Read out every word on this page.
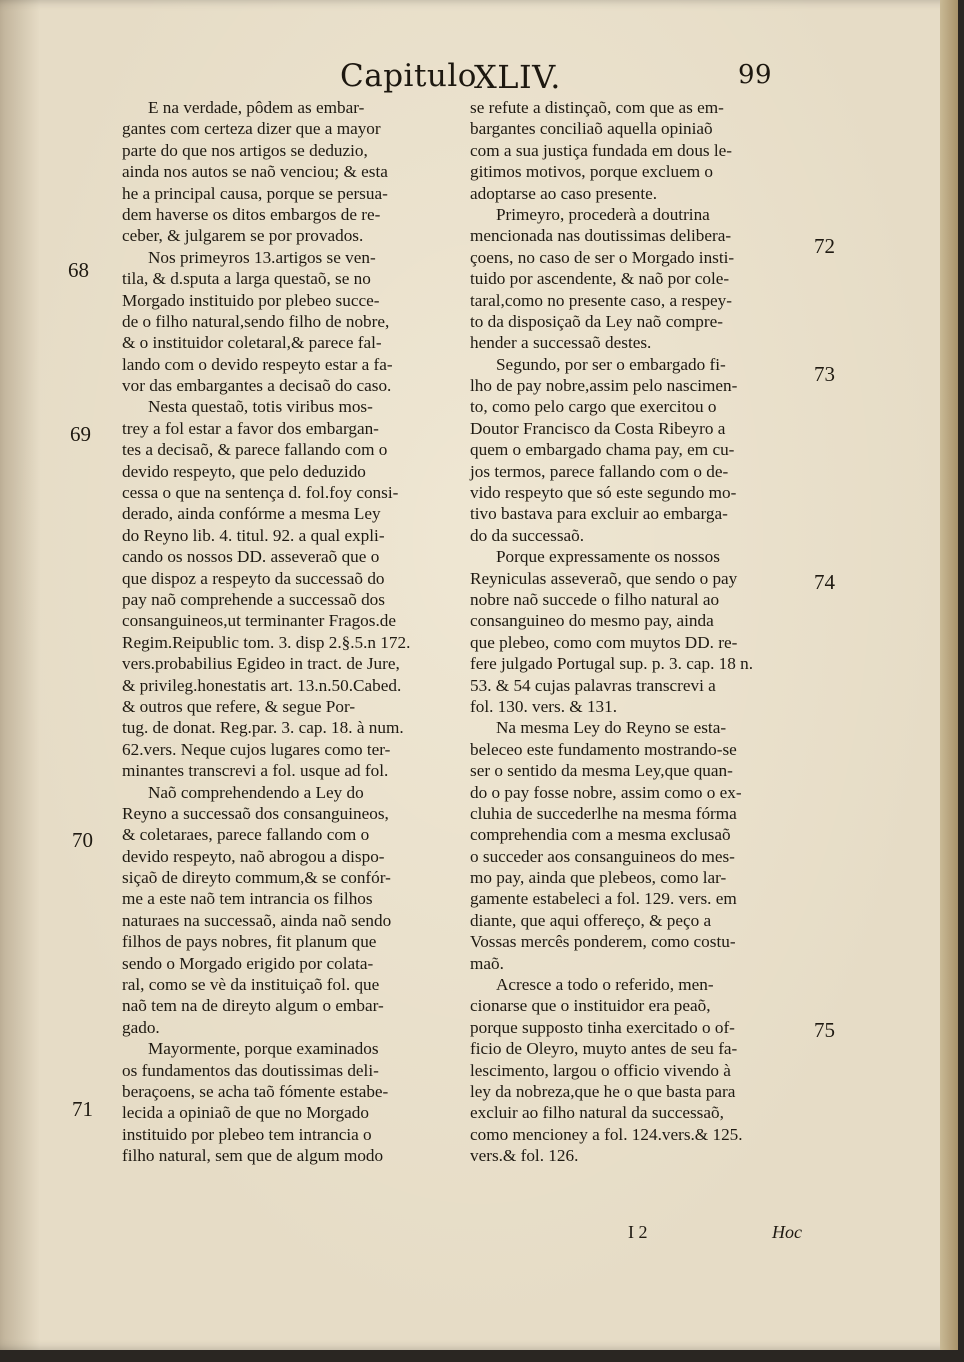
Capitulo
XLIV.	99
E na verdade, pôdem as embar-
gantes com certeza dizer que a mayor
parte do que nos artigos se deduzio,
ainda nos autos se naõ venciou; & esta
he a principal causa, porque se persua-
dem haverse os ditos embargos de re-
ceber, & julgarem se por provados.
Nos primeyros 13.artigos se ven-
tila, & d.sputa a larga questaõ, se no
Morgado instituido por plebeo succe-
de o filho natural,sendo filho de nobre,
& o instituidor coletaral,& parece fal-
lando com o devido respeyto estar a fa-
vor das embargantes a decisaõ do caso.
Nesta questaõ, totis viribus mos-
trey a fol estar a favor dos embargan-
tes a decisaõ, & parece fallando com o
devido respeyto, que pelo deduzido
cessa o que na sentença d. fol.foy consi-
derado, ainda confórme a mesma Ley
do Reyno lib. 4. titul. 92. a qual expli-
cando os nossos DD. asseveraõ que o
que dispoz a respeyto da successaõ do
pay naõ comprehende a successaõ dos
consanguineos,ut terminanter Fragos.de
Regim.Reipublic tom. 3. disp 2.§.5.n 172.
vers.probabilius Egideo in tract. de Jure,
& privileg.honestatis art. 13.n.50.Cabed.
& outros que refere, & segue Por-
tug. de donat. Reg.par. 3. cap. 18. à num.
62.vers. Neque cujos lugares como ter-
minantes transcrevi a fol. usque ad fol.
Naõ comprehendendo a Ley do
Reyno a successaõ dos consanguineos,
& coletaraes, parece fallando com o
devido respeyto, naõ abrogou a dispo-
siçaõ de direyto commum,& se confór-
me a este naõ tem intrancia os filhos
naturaes na successaõ, ainda naõ sendo
filhos de pays nobres, fit planum que
sendo o Morgado erigido por colata-
ral, como se vè da instituiçaõ fol. que
naõ tem na de direyto algum o embar-
gado.
Mayormente, porque examinados
os fundamentos das doutissimas deli-
beraçoens, se acha taõ fómente estabe-
lecida a opiniaõ de que no Morgado
instituido por plebeo tem intrancia o
filho natural, sem que de algum modo
se refute a distinçaõ, com que as em-
bargantes conciliaõ aquella opiniaõ
com a sua justiça fundada em dous le-
gitimos motivos, porque excluem o
adoptarse ao caso presente.
Primeyro, procederà a doutrina
mencionada nas doutissimas delibera-
çoens, no caso de ser o Morgado insti-
tuido por ascendente, & naõ por cole-
taral,como no presente caso, a respey-
to da disposiçaõ da Ley naõ compre-
hender a successaõ destes.
Segundo, por ser o embargado fi-
lho de pay nobre,assim pelo nascimen-
to, como pelo cargo que exercitou o
Doutor Francisco da Costa Ribeyro a
quem o embargado chama pay, em cu-
jos termos, parece fallando com o de-
vido respeyto que só este segundo mo-
tivo bastava para excluir ao embarga-
do da successaõ.
Porque expressamente os nossos
Reyniculas asseveraõ, que sendo o pay
nobre naõ succede o filho natural ao
consanguineo do mesmo pay, ainda
que plebeo, como com muytos DD. re-
fere julgado Portugal sup. p. 3. cap. 18 n.
53. & 54 cujas palavras transcrevi a
fol. 130. vers. & 131.
Na mesma Ley do Reyno se esta-
beleceo este fundamento mostrando-se
ser o sentido da mesma Ley,que quan-
do o pay fosse nobre, assim como o ex-
cluhia de succederlhe na mesma fórma
comprehendia com a mesma exclusaõ
o succeder aos consanguineos do mes-
mo pay, ainda que plebeos, como lar-
gamente estabeleci a fol. 129. vers. em
diante, que aqui offereço, & peço a
Vossas mercês ponderem, como costu-
maõ.
Acresce a todo o referido, men-
cionarse que o instituidor era peaõ,
porque supposto tinha exercitado o of-
ficio de Oleyro, muyto antes de seu fa-
lescimento, largou o officio vivendo à
ley da nobreza,que he o que basta para
excluir ao filho natural da successaõ,
como mencioney a fol. 124.vers.& 125.
vers.& fol. 126.
68
69
70
71
72
73
74
75
I 2	Hoc
